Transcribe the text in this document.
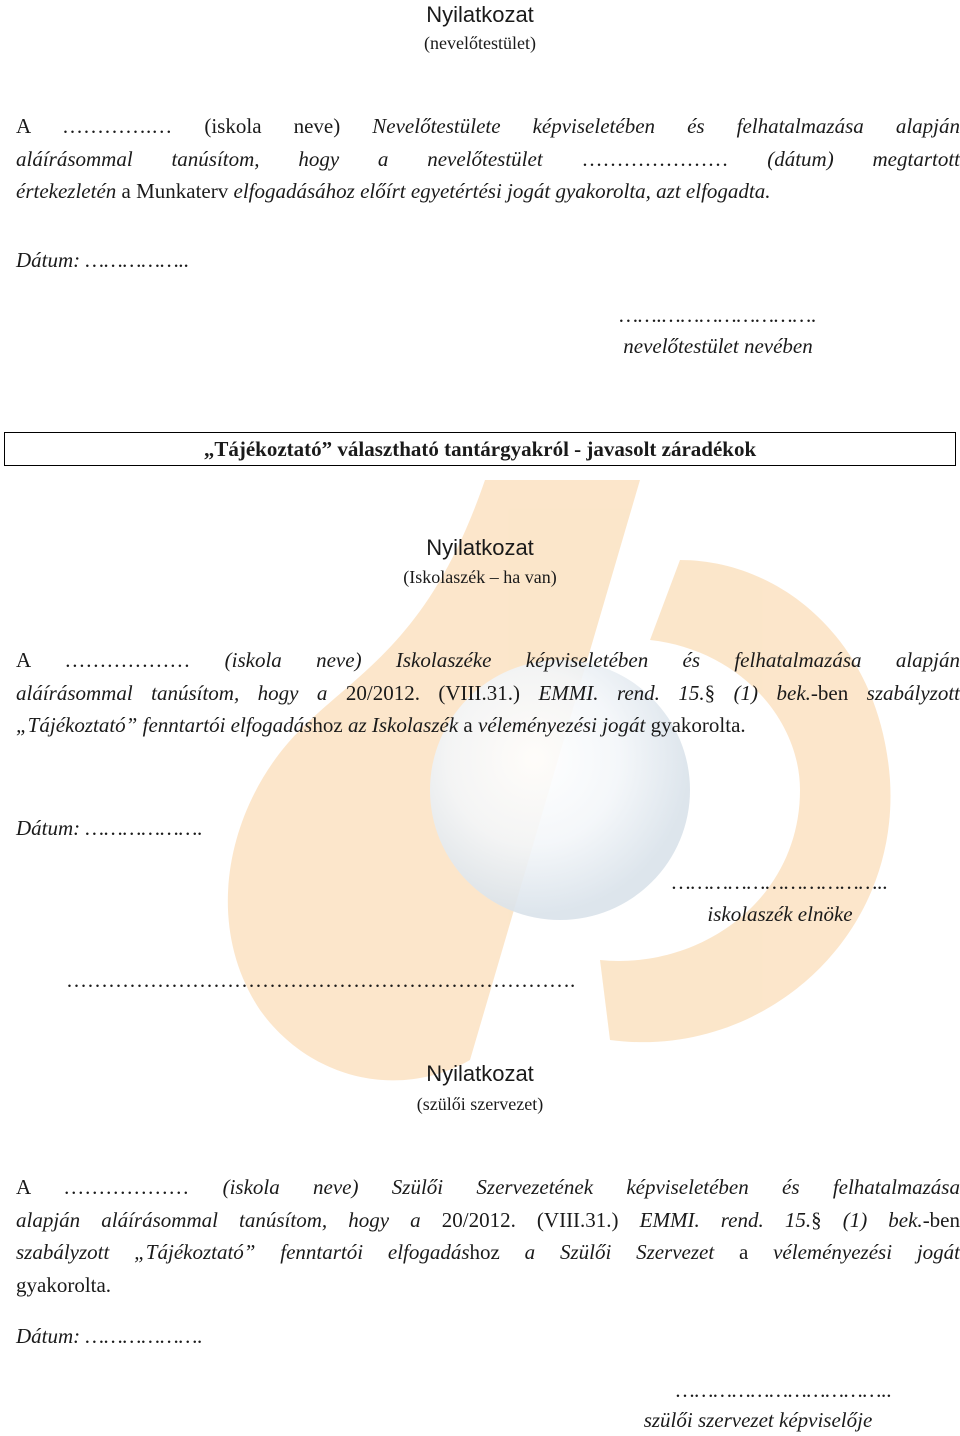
Nyilatkozat
(nevelőtestület)
A ………….… (iskola neve) Nevelőtestülete képviseletében és felhatalmazása alapján
aláírásommal tanúsítom, hogy a nevelőtestület ………………… (dátum) megtartott
értekezletén a Munkaterv elfogadásához előírt egyetértési jogát gyakorolta, azt elfogadta.
Dátum: ……………..
…….…………………….
nevelőtestület nevében
„Tájékoztató” választható tantárgyakról - javasolt záradékok
Nyilatkozat
(Iskolaszék – ha van)
A ……………… (iskola neve) Iskolaszéke képviseletében és felhatalmazása alapján
aláírásommal tanúsítom, hogy a 20/2012. (VIII.31.) EMMI. rend. 15.§ (1) bek.-ben szabályzott
„Tájékoztató” fenntartói elfogadáshoz az Iskolaszék a véleményezési jogát gyakorolta.
Dátum: ……………….
……………………………..
iskolaszék elnöke
……………………………………………………………….
Nyilatkozat
(szülői szervezet)
A ……………… (iskola neve) Szülői Szervezetének képviseletében és felhatalmazása
alapján aláírásommal tanúsítom, hogy a 20/2012. (VIII.31.) EMMI. rend. 15.§ (1) bek.-ben
szabályzott „Tájékoztató” fenntartói elfogadáshoz a Szülői Szervezet a véleményezési jogát
gyakorolta.
Dátum: ……………….
……………………………..
szülői szervezet képviselője
